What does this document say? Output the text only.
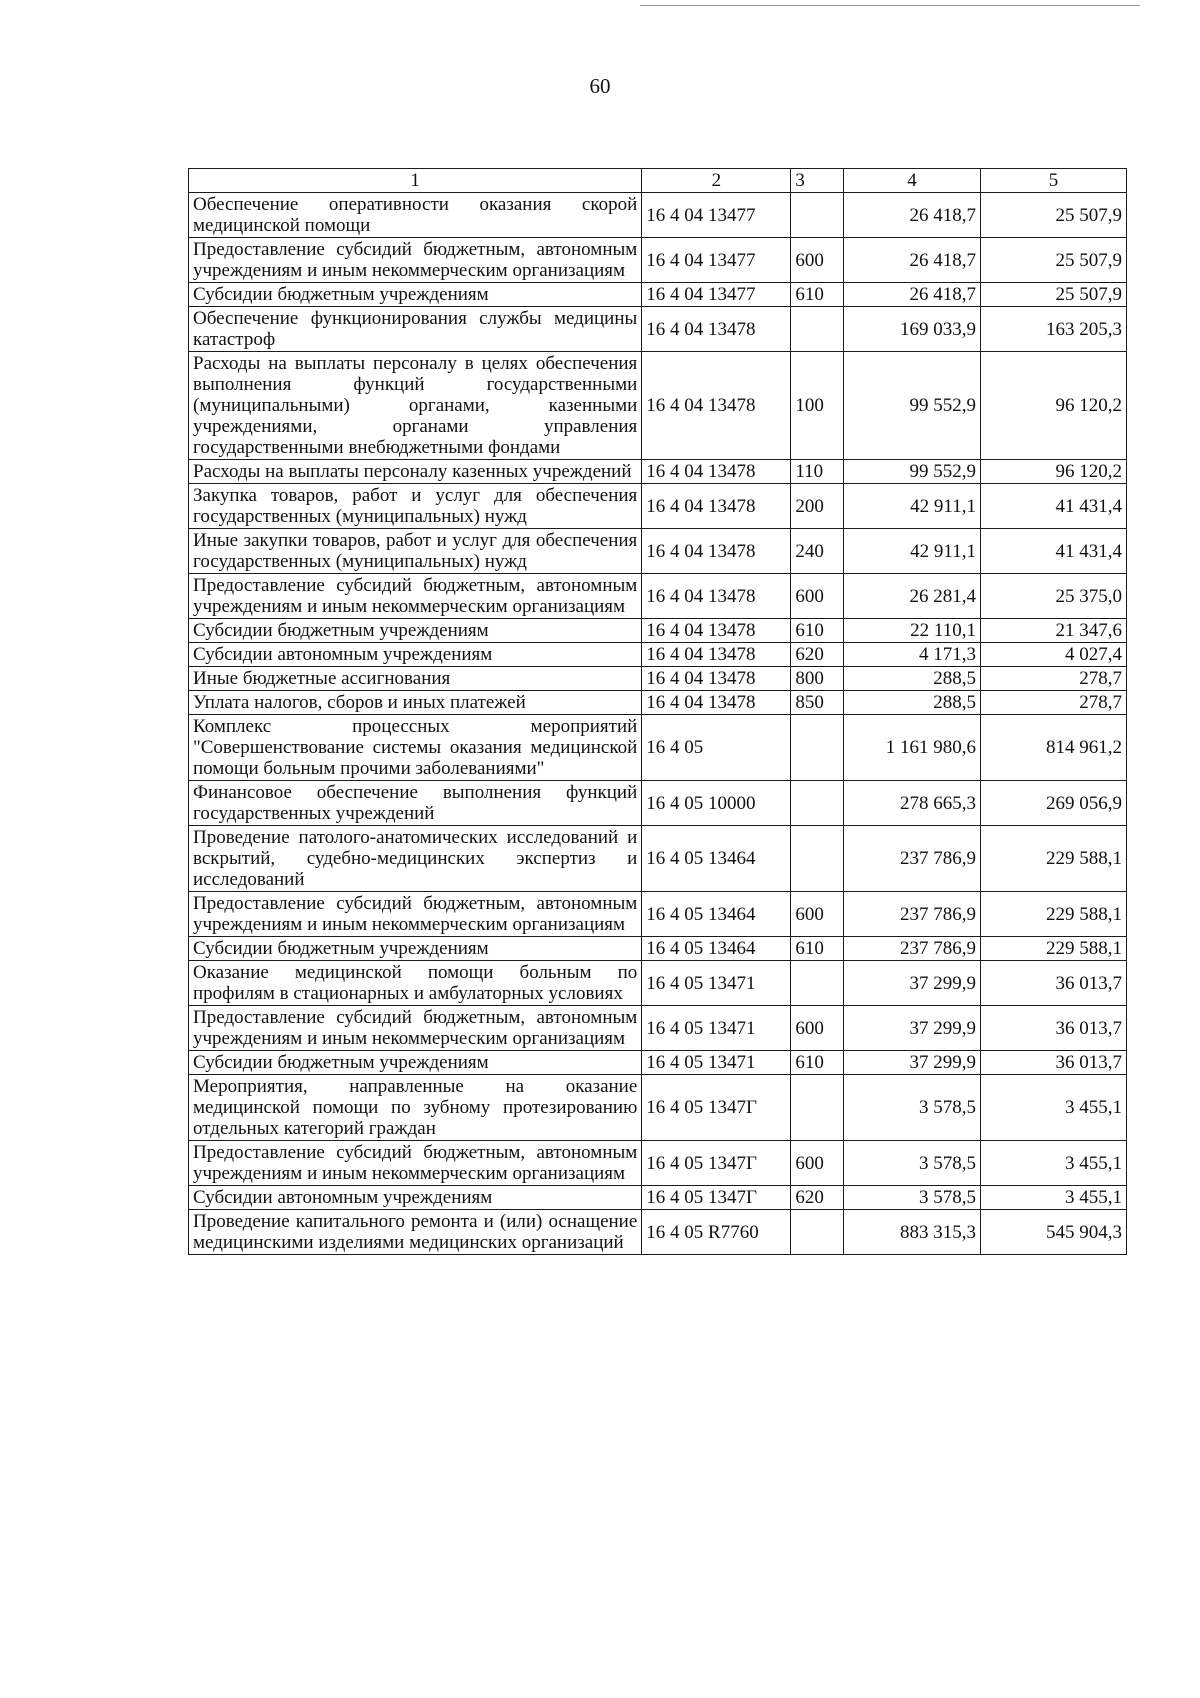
60
1	2	3	4	5
Обеспечение оперативности оказания скорой медицинской помощи	16 4 04 13477		26 418,7	25 507,9
Предоставление субсидий бюджетным, автономным учреждениям и иным некоммерческим организациям	16 4 04 13477	600	26 418,7	25 507,9
Субсидии бюджетным учреждениям	16 4 04 13477	610	26 418,7	25 507,9
Обеспечение функционирования службы медицины катастроф	16 4 04 13478		169 033,9	163 205,3
Расходы на выплаты персоналу в целях обеспечения выполнения функций государственными (муниципальными) органами, казенными учреждениями, органами управления государственными внебюджетными фондами	16 4 04 13478	100	99 552,9	96 120,2
Расходы на выплаты персоналу казенных учреждений	16 4 04 13478	110	99 552,9	96 120,2
Закупка товаров, работ и услуг для обеспечения государственных (муниципальных) нужд	16 4 04 13478	200	42 911,1	41 431,4
Иные закупки товаров, работ и услуг для обеспечения государственных (муниципальных) нужд	16 4 04 13478	240	42 911,1	41 431,4
Предоставление субсидий бюджетным, автономным учреждениям и иным некоммерческим организациям	16 4 04 13478	600	26 281,4	25 375,0
Субсидии бюджетным учреждениям	16 4 04 13478	610	22 110,1	21 347,6
Субсидии автономным учреждениям	16 4 04 13478	620	4 171,3	4 027,4
Иные бюджетные ассигнования	16 4 04 13478	800	288,5	278,7
Уплата налогов, сборов и иных платежей	16 4 04 13478	850	288,5	278,7
Комплекс процессных мероприятий "Совершенствование системы оказания медицинской помощи больным прочими заболеваниями"	16 4 05		1 161 980,6	814 961,2
Финансовое обеспечение выполнения функций государственных учреждений	16 4 05 10000		278 665,3	269 056,9
Проведение патолого-анатомических исследований и вскрытий, судебно-медицинских экспертиз и исследований	16 4 05 13464		237 786,9	229 588,1
Предоставление субсидий бюджетным, автономным учреждениям и иным некоммерческим организациям	16 4 05 13464	600	237 786,9	229 588,1
Субсидии бюджетным учреждениям	16 4 05 13464	610	237 786,9	229 588,1
Оказание медицинской помощи больным по профилям в стационарных и амбулаторных условиях	16 4 05 13471		37 299,9	36 013,7
Предоставление субсидий бюджетным, автономным учреждениям и иным некоммерческим организациям	16 4 05 13471	600	37 299,9	36 013,7
Субсидии бюджетным учреждениям	16 4 05 13471	610	37 299,9	36 013,7
Мероприятия, направленные на оказание медицинской помощи по зубному протезированию отдельных категорий граждан	16 4 05 1347Г		3 578,5	3 455,1
Предоставление субсидий бюджетным, автономным учреждениям и иным некоммерческим организациям	16 4 05 1347Г	600	3 578,5	3 455,1
Субсидии автономным учреждениям	16 4 05 1347Г	620	3 578,5	3 455,1
Проведение капитального ремонта и (или) оснащение медицинскими изделиями медицинских организаций	16 4 05 R7760		883 315,3	545 904,3
